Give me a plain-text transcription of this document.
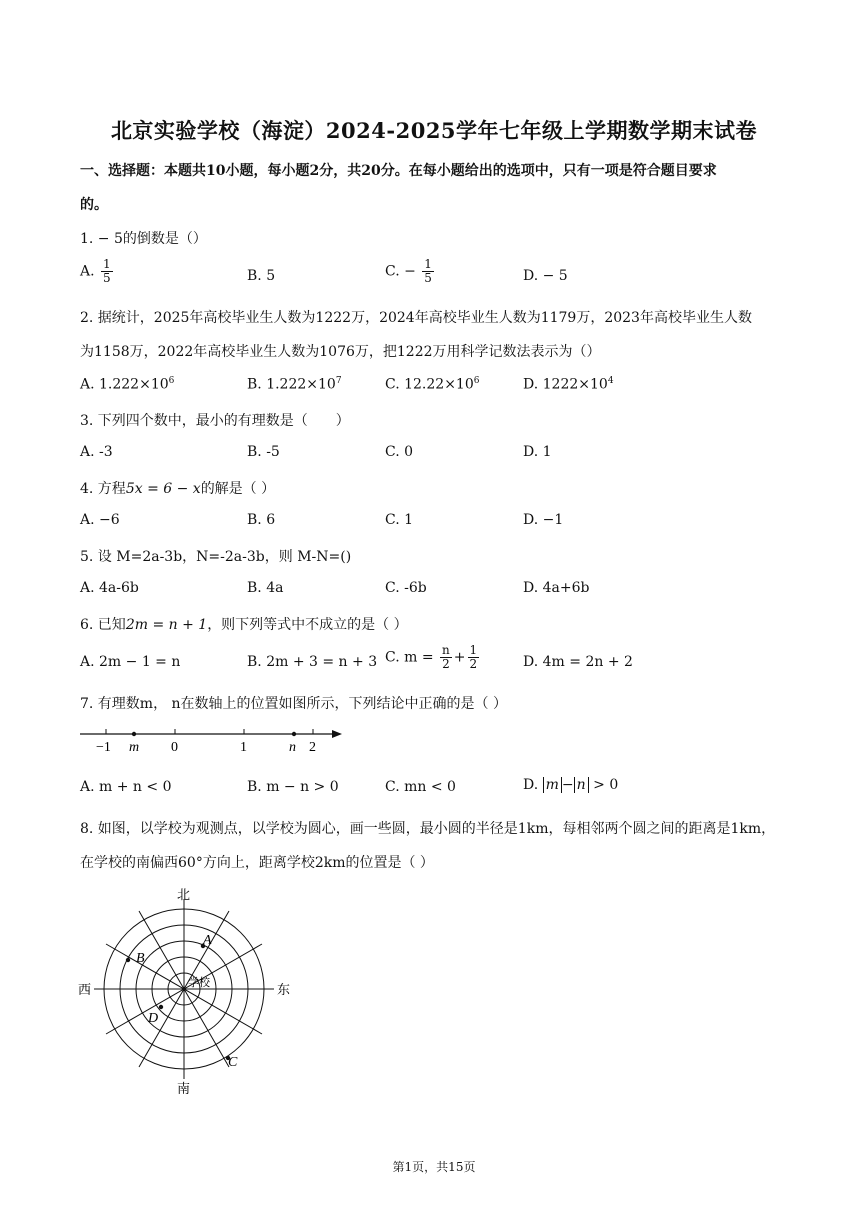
北京实验学校（海淀）2024-2025学年七年级上学期数学期末试卷
一、选择题：本题共10小题，每小题2分，共20分。在每小题给出的选项中，只有一项是符合题目要求
的。
1. − 5的倒数是（）
A. $\frac{1}{5}$	B. 5	C. − $\frac{1}{5}$	D. − 5
2. 据统计，2025年高校毕业生人数为1222万，2024年高校毕业生人数为1179万，2023年高校毕业生人数
为1158万，2022年高校毕业生人数为1076万，把1222万用科学记数法表示为（）
A. $1.222\times 10^6$	B. $1.222\times 10^7$	C. $12.22\times 10^6$	D. $1222\times 10^4$
3. 下列四个数中，最小的有理数是（　　）
A. -3	B. -5	C. 0	D. 1
4. 方程5x = 6 − x的解是（ ）
A. −6	B. 6	C. 1	D. −1
5. 设 M=2a-3b，N=-2a-3b，则 M-N=()
A. 4a-6b	B. 4a	C. -6b	D. 4a+6b
6. 已知2m = n + 1，则下列等式中不成立的是（ ）
A. 2m − 1 = n	B. 2m + 3 = n + 3 C. $m = \frac{n}{2} + \frac{1}{2}$	D. 4m = 2n + 2
7. 有理数m， n在数轴上的位置如图所示，下列结论中正确的是（ ）
−1 m 0	1	n 2
A. m + n < 0	B. m − n > 0	C. mn < 0	D. m − n > 0
8. 如图，以学校为观测点，以学校为圆心，画一些圆，最小圆的半径是1km，每相邻两个圆之间的距离是1km，
在学校的南偏西60°方向上，距离学校2km的位置是（ ）
A
B
C
D
北
南
西	东
学校
第1页，共15页
